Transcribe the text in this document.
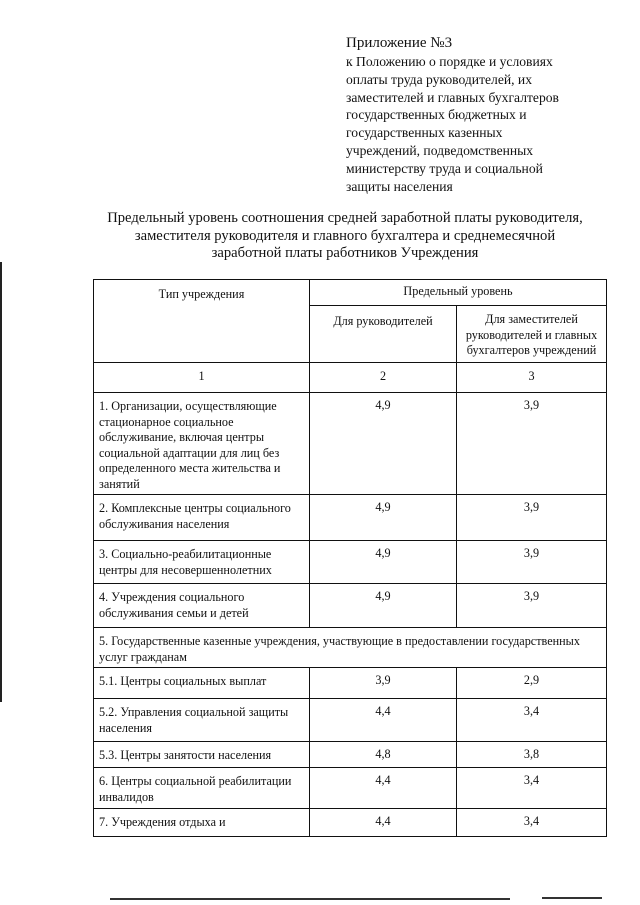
Приложение №3
к Положению о порядке и условиях
оплаты труда руководителей, их
заместителей и главных бухгалтеров
государственных бюджетных и
государственных казенных
учреждений, подведомственных
министерству труда и социальной
защиты населения
Предельный уровень соотношения средней заработной платы руководителя,
заместителя руководителя и главного бухгалтера и среднемесячной
заработной платы работников Учреждения
Тип учреждения	Предельный уровень	
	Для руководителей	Для заместителей руководителей и главных бухгалтеров учреждений
1	2	3
1. Организации, осуществляющие стационарное социальное обслуживание, включая центры социальной адаптации для лиц без определенного места жительства и занятий	4,9	3,9
2. Комплексные центры социального обслуживания населения	4,9	3,9
3. Социально-реабилитационные центры для несовершеннолетних	4,9	3,9
4. Учреждения социального обслуживания семьи и детей	4,9	3,9
5. Государственные казенные учреждения, участвующие в предоставлении государственных услуг гражданам		
5.1. Центры социальных выплат	3,9	2,9
5.2. Управления социальной защиты населения	4,4	3,4
5.3. Центры занятости населения	4,8	3,8
6. Центры социальной реабилитации инвалидов	4,4	3,4
7. Учреждения отдыха и	4,4	3,4
